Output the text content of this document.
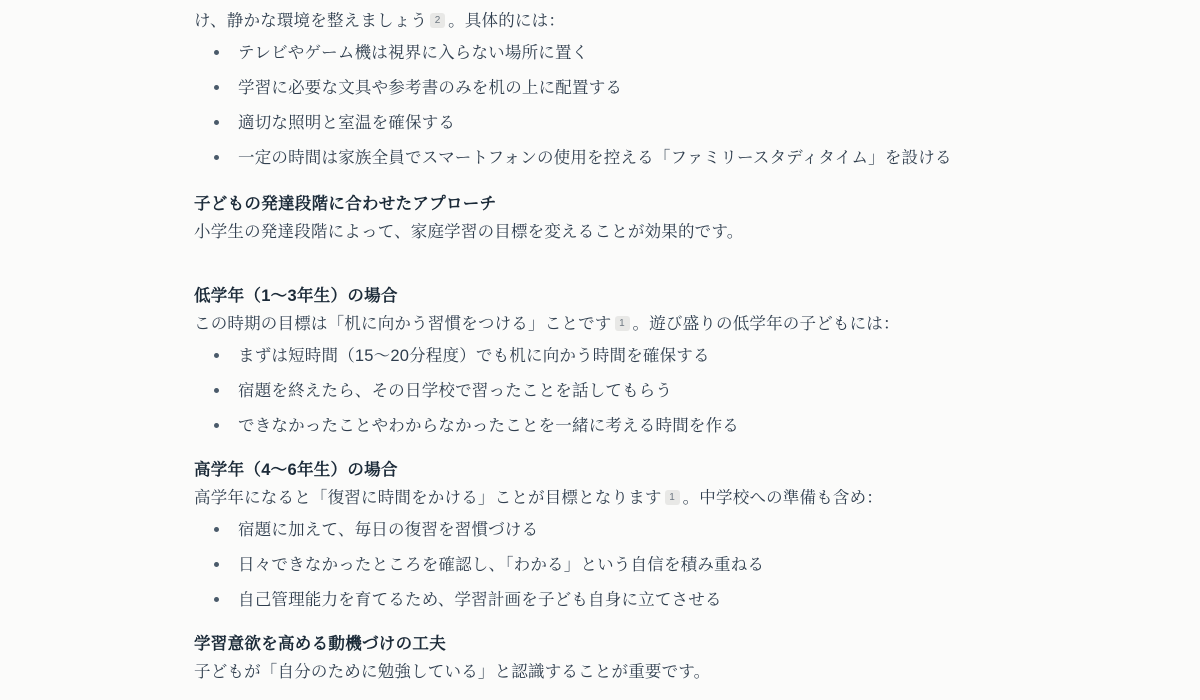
け、静かな環境を整えましょう 2 。具体的には：

テレビやゲーム機は視界に入らない場所に置く
学習に必要な文具や参考書のみを机の上に配置する
適切な照明と室温を確保する
一定の時間は家族全員でスマートフォンの使用を控える「ファミリースタディタイム」を設ける
子どもの発達段階に合わせたアプローチ

小学生の発達段階によって、家庭学習の目標を変えることが効果的です。

低学年（1〜3年生）の場合

この時期の目標は「机に向かう習慣をつける」ことです 1 。遊び盛りの低学年の子どもには：

まずは短時間（15〜20分程度）でも机に向かう時間を確保する
宿題を終えたら、その日学校で習ったことを話してもらう
できなかったことやわからなかったことを一緒に考える時間を作る
高学年（4〜6年生）の場合

高学年になると「復習に時間をかける」ことが目標となります 1 。中学校への準備も含め：

宿題に加えて、毎日の復習を習慣づける
日々できなかったところを確認し、「わかる」という自信を積み重ねる
自己管理能力を育てるため、学習計画を子ども自身に立てさせる
学習意欲を高める動機づけの工夫

子どもが「自分のために勉強している」と認識することが重要です。
